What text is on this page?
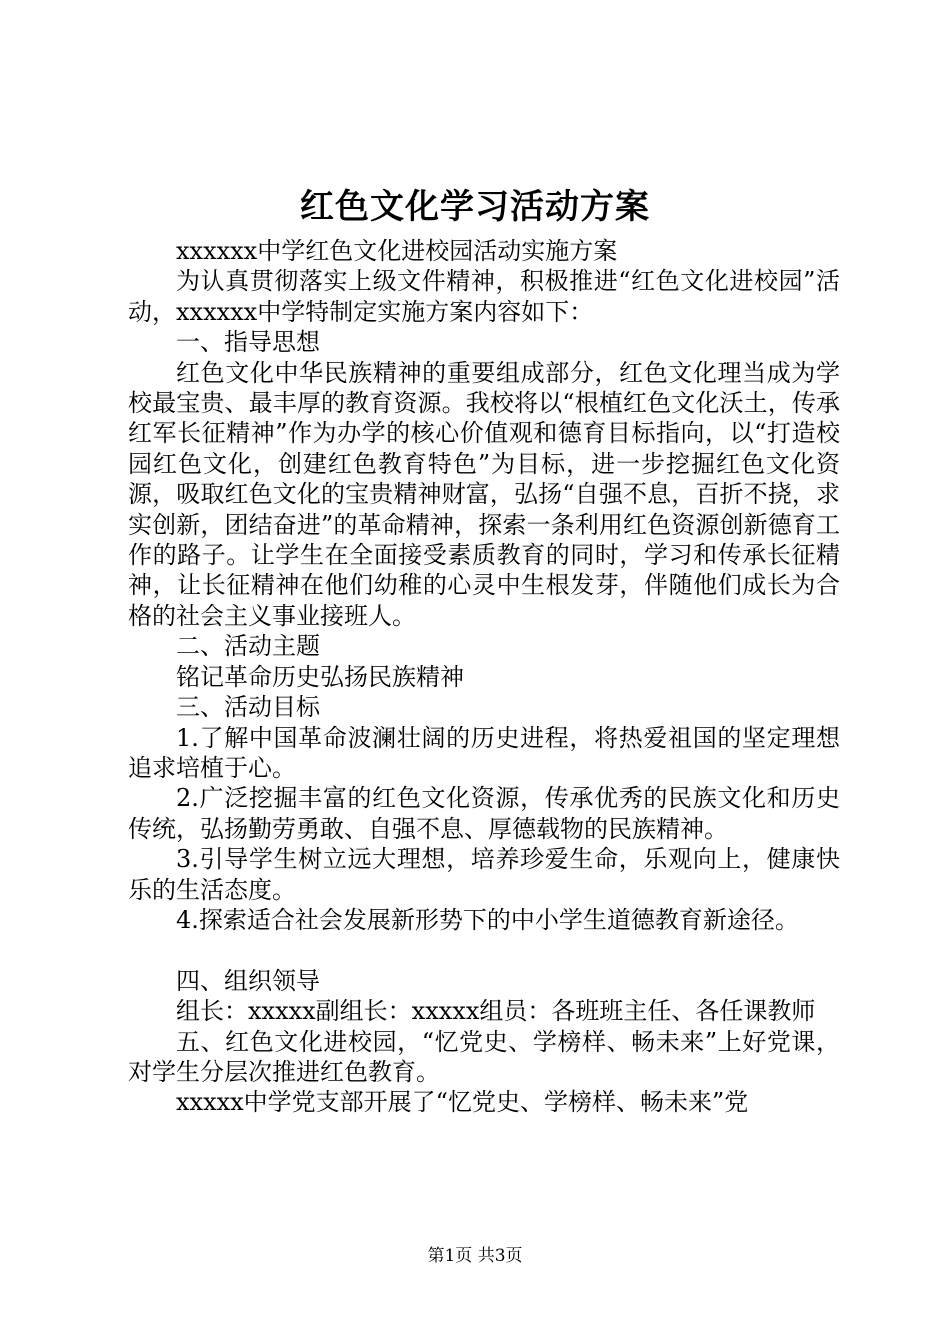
红色文化学习活动方案

xxxxxx中学红色文化进校园活动实施方案

为认真贯彻落实上级文件精神，积极推进“红色文化进校园”活动，xxxxxx中学特制定实施方案内容如下：

一、指导思想

红色文化中华民族精神的重要组成部分，红色文化理当成为学校最宝贵、最丰厚的教育资源。我校将以“根植红色文化沃土，传承红军长征精神”作为办学的核心价值观和德育目标指向，以“打造校园红色文化，创建红色教育特色”为目标，进一步挖掘红色文化资源，吸取红色文化的宝贵精神财富，弘扬“自强不息，百折不挠，求实创新，团结奋进”的革命精神，探索一条利用红色资源创新德育工作的路子。让学生在全面接受素质教育的同时，学习和传承长征精神，让长征精神在他们幼稚的心灵中生根发芽，伴随他们成长为合格的社会主义事业接班人。

二、活动主题

铭记革命历史弘扬民族精神

三、活动目标

1.了解中国革命波澜壮阔的历史进程，将热爱祖国的坚定理想追求培植于心。

2.广泛挖掘丰富的红色文化资源，传承优秀的民族文化和历史传统，弘扬勤劳勇敢、自强不息、厚德载物的民族精神。

3.引导学生树立远大理想，培养珍爱生命，乐观向上，健康快乐的生活态度。

4.探索适合社会发展新形势下的中小学生道德教育新途径。

四、组织领导

组长：xxxxx副组长：xxxxx组员：各班班主任、各任课教师

五、红色文化进校园，“忆党史、学榜样、畅未来”上好党课，对学生分层次推进红色教育。

xxxxx中学党支部开展了“忆党史、学榜样、畅未来”党

第1页 共3页
